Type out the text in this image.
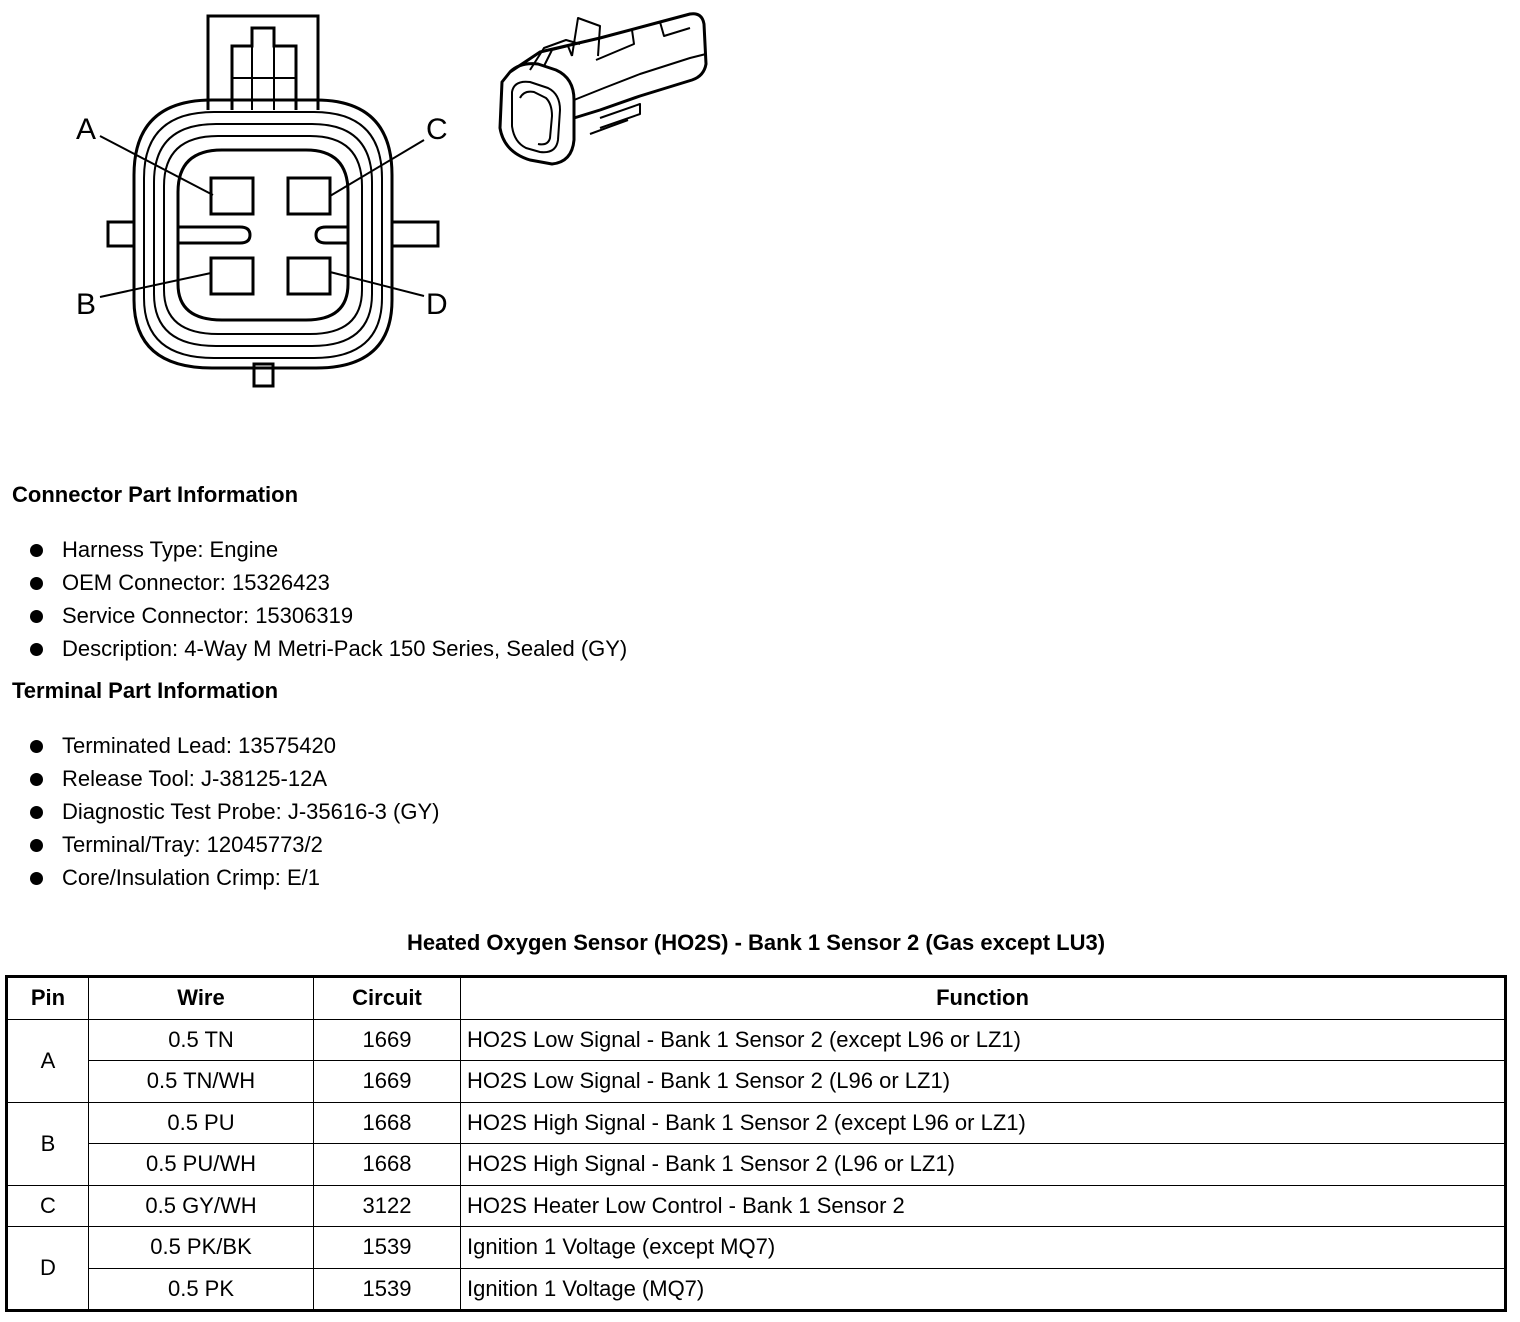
A
B
C
D
Connector Part Information
Harness Type: Engine
OEM Connector: 15326423
Service Connector: 15306319
Description: 4-Way M Metri-Pack 150 Series, Sealed (GY)
Terminal Part Information
Terminated Lead: 13575420
Release Tool: J-38125-12A
Diagnostic Test Probe: J-35616-3 (GY)
Terminal/Tray: 12045773/2
Core/Insulation Crimp: E/1
Heated Oxygen Sensor (HO2S) - Bank 1 Sensor 2 (Gas except LU3)
Pin	Wire	Circuit	Function
A	0.5 TN	1669	HO2S Low Signal - Bank 1 Sensor 2 (except L96 or LZ1)
	0.5 TN/WH	1669	HO2S Low Signal - Bank 1 Sensor 2 (L96 or LZ1)
B	0.5 PU	1668	HO2S High Signal - Bank 1 Sensor 2 (except L96 or LZ1)
	0.5 PU/WH	1668	HO2S High Signal - Bank 1 Sensor 2 (L96 or LZ1)
C	0.5 GY/WH	3122	HO2S Heater Low Control - Bank 1 Sensor 2
D	0.5 PK/BK	1539	Ignition 1 Voltage (except MQ7)
	0.5 PK	1539	Ignition 1 Voltage (MQ7)
